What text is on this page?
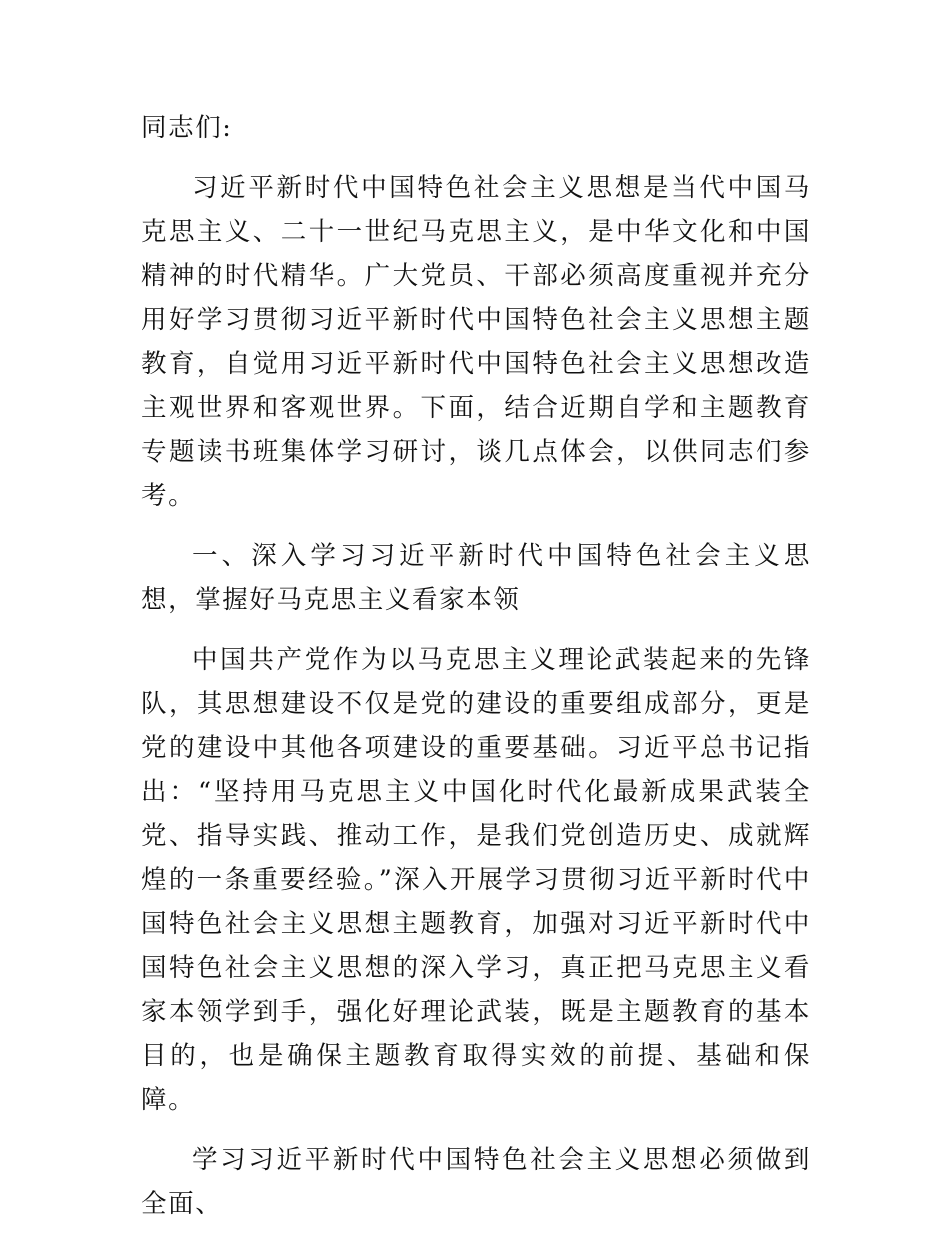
同志们:

习近平新时代中国特色社会主义思想是当代中国马克思主义、二十一世纪马克思主义，是中华文化和中国精神的时代精华。广大党员、干部必须高度重视并充分用好学习贯彻习近平新时代中国特色社会主义思想主题教育，自觉用习近平新时代中国特色社会主义思想改造主观世界和客观世界。下面，结合近期自学和主题教育专题读书班集体学习研讨，谈几点体会，以供同志们参考。

一、深入学习习近平新时代中国特色社会主义思想，掌握好马克思主义看家本领

中国共产党作为以马克思主义理论武装起来的先锋队，其思想建设不仅是党的建设的重要组成部分，更是党的建设中其他各项建设的重要基础。习近平总书记指出：“坚持用马克思主义中国化时代化最新成果武装全党、指导实践、推动工作，是我们党创造历史、成就辉煌的一条重要经验。”深入开展学习贯彻习近平新时代中国特色社会主义思想主题教育，加强对习近平新时代中国特色社会主义思想的深入学习，真正把马克思主义看家本领学到手，强化好理论武装，既是主题教育的基本目的，也是确保主题教育取得实效的前提、基础和保障。

学习习近平新时代中国特色社会主义思想必须做到全面、
